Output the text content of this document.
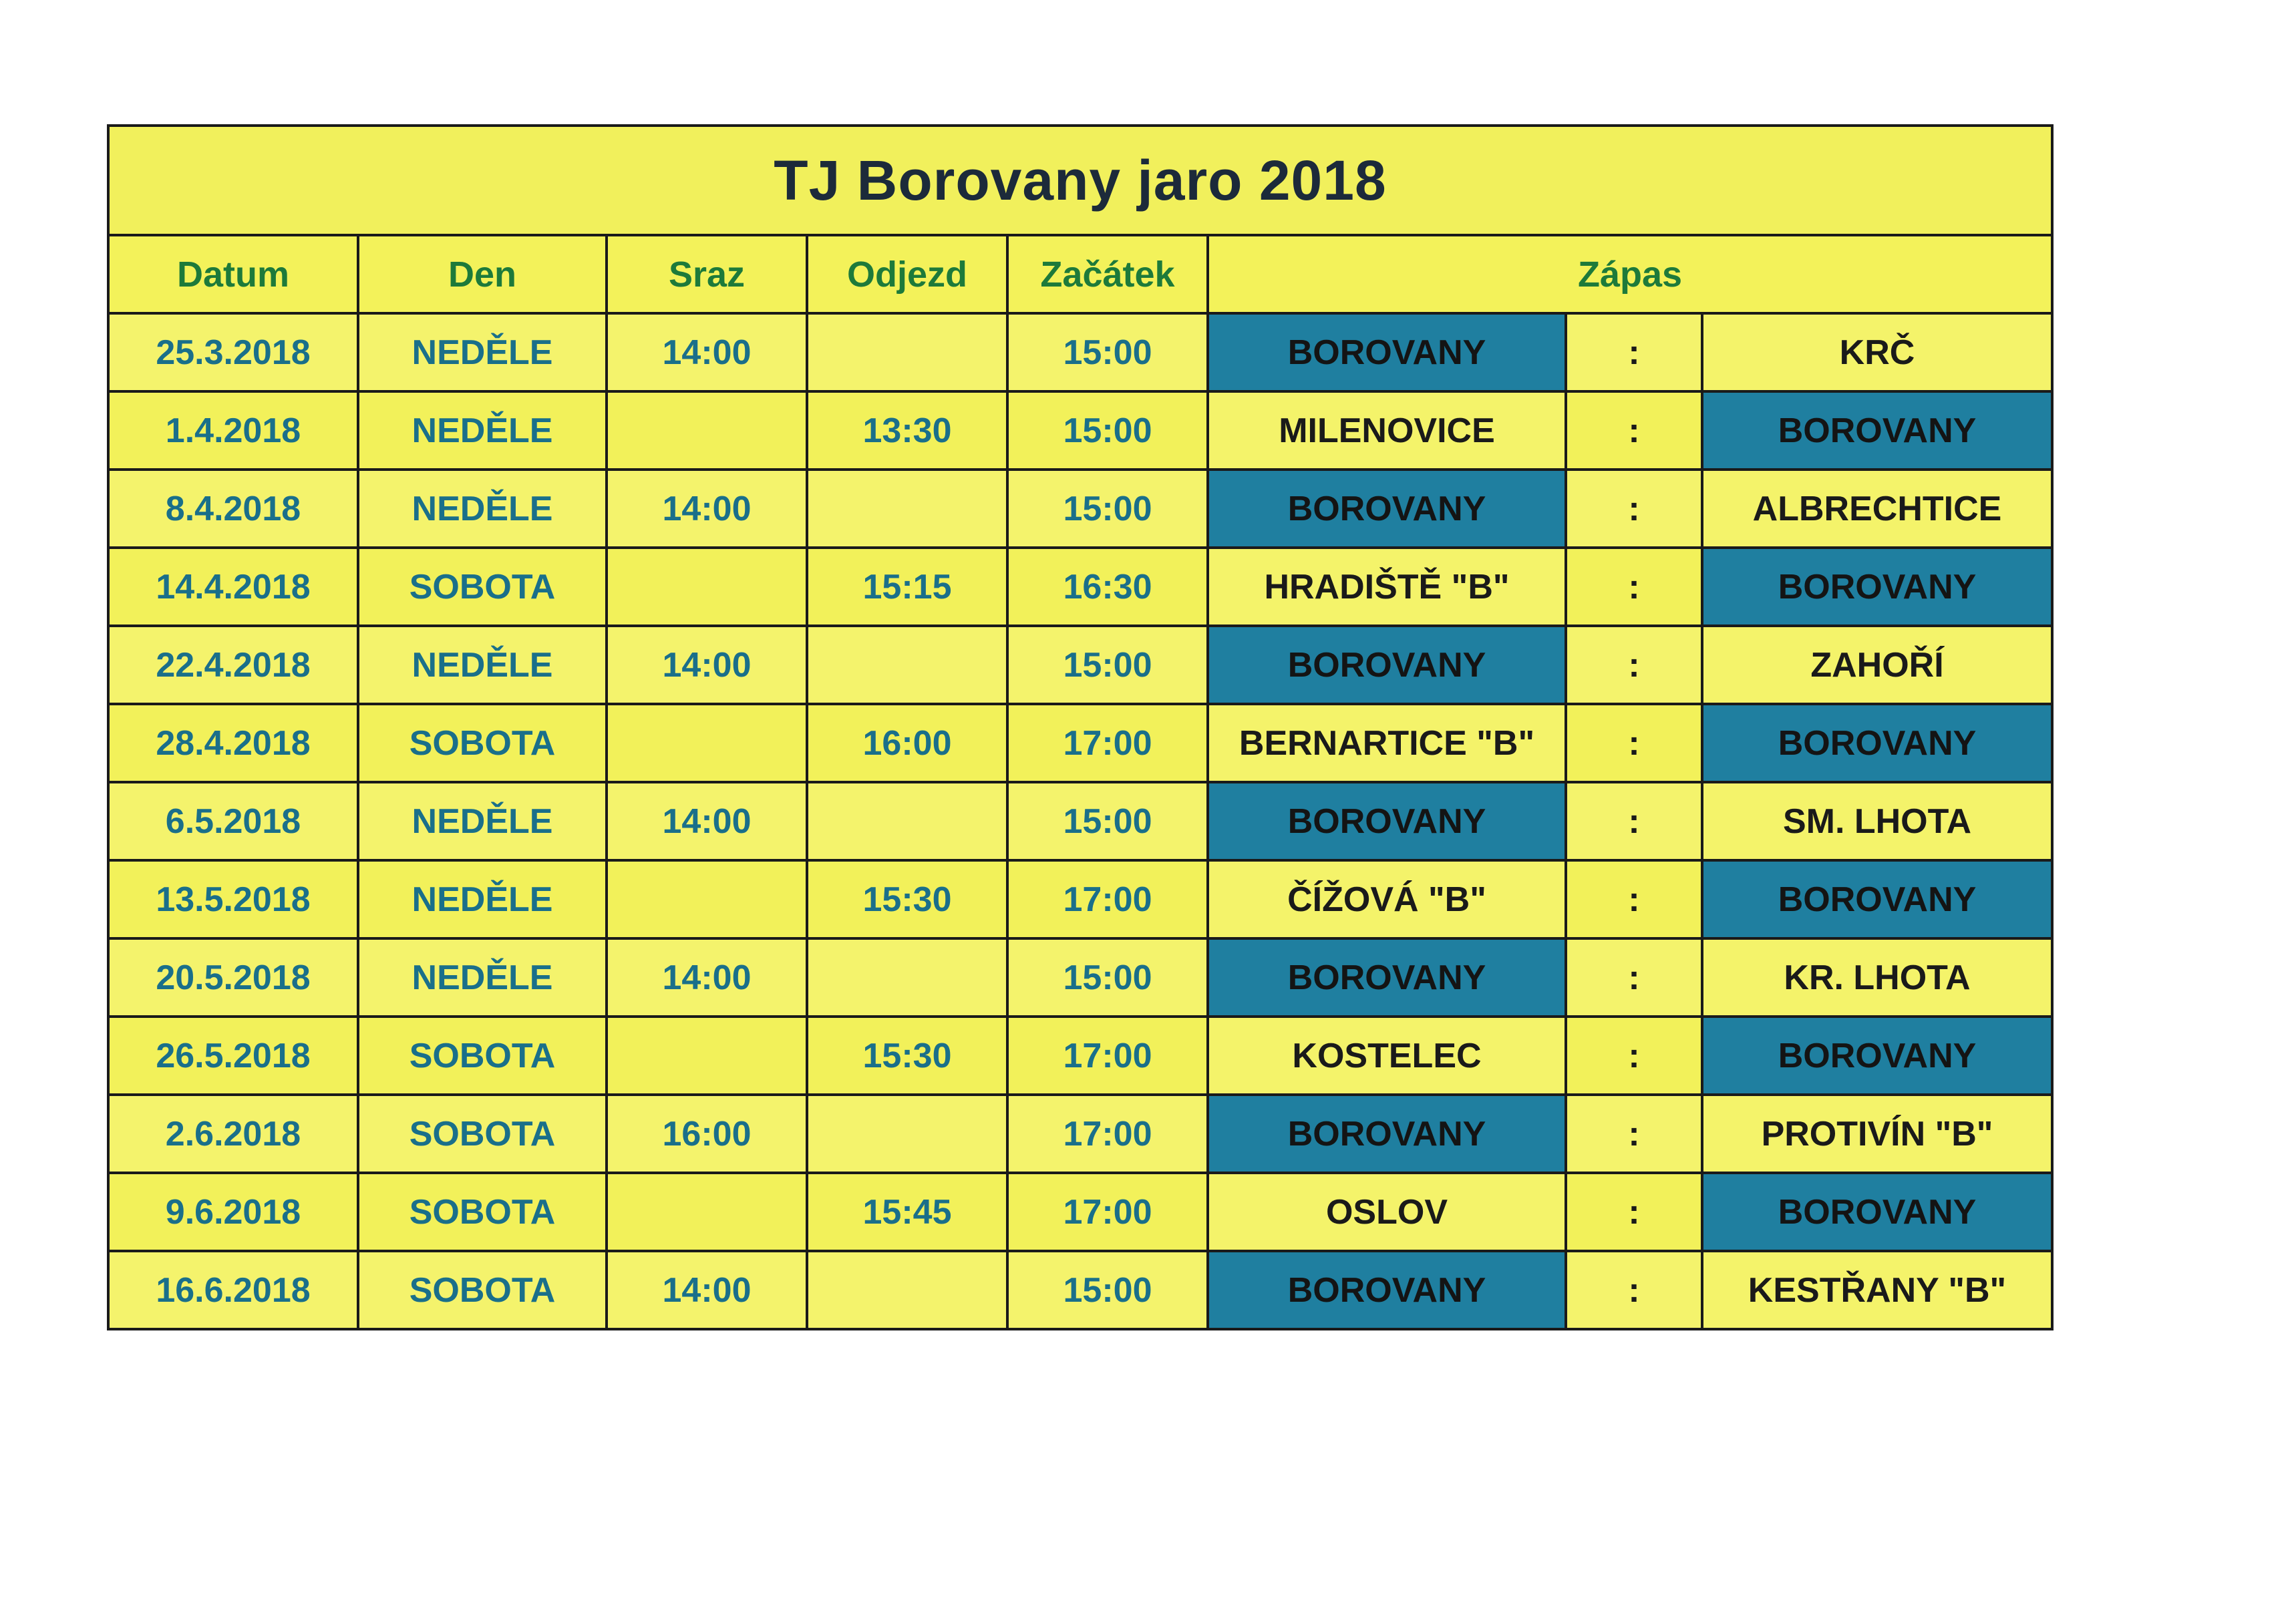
TJ Borovany jaro 2018
Datum	Den	Sraz	Odjezd	Začátek	Zápas		
25.3.2018	NEDĚLE	14:00		15:00	BOROVANY	:	KRČ
1.4.2018	NEDĚLE		13:30	15:00	MILENOVICE	:	BOROVANY
8.4.2018	NEDĚLE	14:00		15:00	BOROVANY	:	ALBRECHTICE
14.4.2018	SOBOTA		15:15	16:30	HRADIŠTĚ "B"	:	BOROVANY
22.4.2018	NEDĚLE	14:00		15:00	BOROVANY	:	ZAHOŘÍ
28.4.2018	SOBOTA		16:00	17:00	BERNARTICE "B"	:	BOROVANY
6.5.2018	NEDĚLE	14:00		15:00	BOROVANY	:	SM. LHOTA
13.5.2018	NEDĚLE		15:30	17:00	ČÍŽOVÁ "B"	:	BOROVANY
20.5.2018	NEDĚLE	14:00		15:00	BOROVANY	:	KR. LHOTA
26.5.2018	SOBOTA		15:30	17:00	KOSTELEC	:	BOROVANY
2.6.2018	SOBOTA	16:00		17:00	BOROVANY	:	PROTIVÍN "B"
9.6.2018	SOBOTA		15:45	17:00	OSLOV	:	BOROVANY
16.6.2018	SOBOTA	14:00		15:00	BOROVANY	:	KESTŘANY "B"
